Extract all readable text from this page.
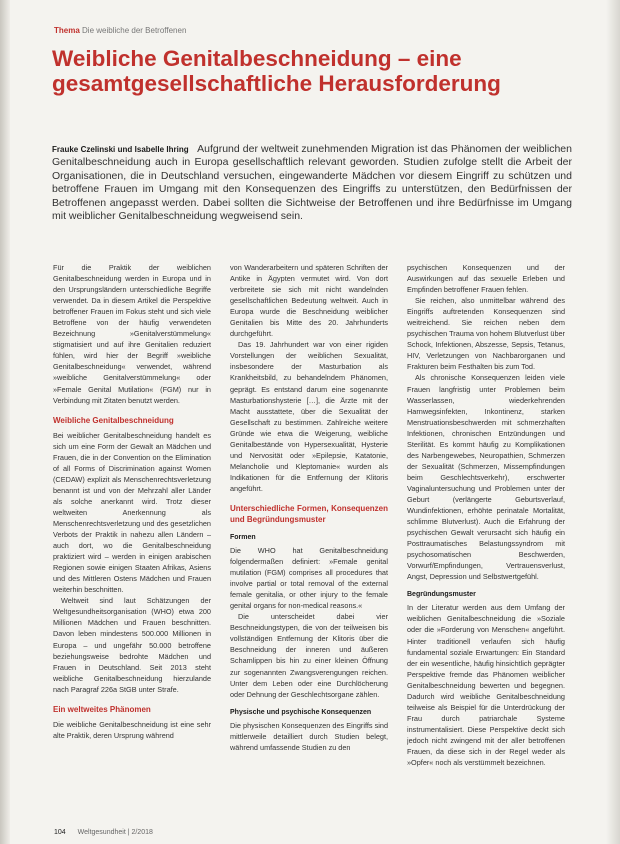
Thema Die weibliche der Betroffenen
Weibliche Genitalbeschneidung – eine gesamtgesellschaftliche Herausforderung
Frauke Czelinski und Isabelle Ihring Aufgrund der weltweit zunehmenden Migration ist das Phänomen der weiblichen Genitalbeschneidung auch in Europa gesellschaftlich relevant geworden. Studien zufolge stellt die Arbeit der Organisationen, die in Deutschland versuchen, eingewanderte Mädchen vor diesem Eingriff zu schützen und betroffene Frauen im Umgang mit den Konsequenzen des Eingriffs zu unterstützen, den Bedürfnissen der Betroffenen angepasst werden. Dabei sollten die Sichtweise der Betroffenen und ihre Bedürfnisse im Umgang mit weiblicher Genitalbeschneidung wegweisend sein.

Für die Praktik der weiblichen Genitalbeschneidung werden in Europa und in den Ursprungsländern unterschiedliche Begriffe verwendet. Da in diesem Artikel die Perspektive betroffener Frauen im Fokus steht und sich viele Betroffene von der häufig verwendeten Bezeichnung »Genitalverstümmelung« stigmatisiert und auf ihre Genitalien reduziert fühlen, wird hier der Begriff »weibliche Genitalbeschneidung« verwendet, während »weibliche Genitalverstümmelung« oder »Female Genital Mutilation« (FGM) nur in Verbindung mit Zitaten benutzt werden.

Weibliche Genitalbeschneidung

Bei weiblicher Genitalbeschneidung handelt es sich um eine Form der Gewalt an Mädchen und Frauen, die in der Convention on the Elimination of all Forms of Discrimination against Women (CEDAW) explizit als Menschenrechtsverletzung benannt ist und von der Mehrzahl aller Länder als solche anerkannt wird. Trotz dieser weltweiten Anerkennung als Menschenrechtsverletzung und des gesetzlichen Verbots der Praktik in nahezu allen Ländern – auch dort, wo die Genitalbeschneidung praktiziert wird – werden in einigen arabischen Regionen sowie einigen Staaten Afrikas, Asiens und des Mittleren Ostens Mädchen und Frauen weiterhin beschnitten.

Weltweit sind laut Schätzungen der Weltgesundheitsorganisation (WHO) etwa 200 Millionen Mädchen und Frauen beschnitten. Davon leben mindestens 500.000 Millionen in Europa – und ungefähr 50.000 betroffene beziehungsweise bedrohte Mädchen und Frauen in Deutschland. Seit 2013 steht weibliche Genitalbeschneidung hierzulande nach Paragraf 226a StGB unter Strafe.

Ein weltweites Phänomen

Die weibliche Genitalbeschneidung ist eine sehr alte Praktik, deren Ursprung während

von Wanderarbeitern und späteren Schriften der Antike in Ägypten vermutet wird. Von dort verbreitete sie sich mit nicht wandelnden gesellschaftlichen Bedeutung weltweit. Auch in Europa wurde die Beschneidung weiblicher Genitalien bis Mitte des 20. Jahrhunderts durchgeführt.

Das 19. Jahrhundert war von einer rigiden Vorstellungen der weiblichen Sexualität, insbesondere der Masturbation als Krankheitsbild, zu behandelndem Phänomen, geprägt. Es entstand darum eine sogenannte Masturbationshysterie […], die Ärzte mit der Macht ausstattete, über die Sexualität der Gesellschaft zu bestimmen. Zahlreiche weitere Gründe wie etwa die Weigerung, weibliche Genitalbestände von Hypersexualität, Hysterie und Nervosität oder »Epilepsie, Katatonie, Melancholie und Kleptomanie« wurden als Indikationen für die Entfernung der Klitoris angeführt.

Unterschiedliche Formen, Konsequenzen und Begründungsmuster
Formen

Die WHO hat Genitalbeschneidung folgendermaßen definiert: »Female genital mutilation (FGM) comprises all procedures that involve partial or total removal of the external female genitalia, or other injury to the female genital organs for non-medical reasons.«

Die unterscheidet dabei vier Beschneidungstypen, die von der teilweisen bis vollständigen Entfernung der Klitoris über die Beschneidung der inneren und äußeren Schamlippen bis hin zu einer kleinen Öffnung zur sogenannten Zwangsverengungen reichen. Unter dem Leben oder eine Durchlöcherung oder Dehnung der Geschlechtsorgane zählen.

Physische und psychische Konsequenzen

Die physischen Konsequenzen des Eingriffs sind mittlerweile detailliert durch Studien belegt, während umfassende Studien zu den

psychischen Konsequenzen und der Auswirkungen auf das sexuelle Erleben und Empfinden betroffener Frauen fehlen.

Sie reichen, also unmittelbar während des Eingriffs auftretenden Konsequenzen sind weitreichend. Sie reichen neben dem psychischen Trauma von hohem Blutverlust über Schock, Infektionen, Abszesse, Sepsis, Tetanus, HIV, Verletzungen von Nachbarorganen und Frakturen beim Festhalten bis zum Tod.

Als chronische Konsequenzen leiden viele Frauen langfristig unter Problemen beim Wasserlassen, wiederkehrenden Harnwegsinfekten, Inkontinenz, starken Menstruationsbeschwerden mit schmerzhaften Infektionen, chronischen Entzündungen und Sterilität. Es kommt häufig zu Komplikationen des Narbengewebes, Neuropathien, Schmerzen der Sexualität (Schmerzen, Missempfindungen beim Geschlechtsverkehr), erschwerter Vaginaluntersuchung und Problemen unter der Geburt (verlängerte Geburtsverlauf, Wundinfektionen, erhöhte perinatale Mortalität, schlimme Blutverlust). Auch die Erfahrung der psychischen Gewalt verursacht sich häufig ein Posttraumatisches Belastungssyndrom mit psychosomatischen Beschwerden, Vorwurf/Empfindungen, Vertrauensverlust, Angst, Depression und Selbstwertgefühl.

Begründungsmuster

In der Literatur werden aus dem Umfang der weiblichen Genitalbeschneidung die »Soziale oder die »Forderung von Menschen« angeführt. Hinter traditionell verlaufen sich häufig fundamental soziale Erwartungen: Ein Standard der ein wesentliche, häufig hinsichtlich geprägter Perspektive fremde das Phänomen weiblicher Genitalbeschneidung bewerten und begegnen. Dadurch wird weibliche Genitalbeschneidung teilweise als Beispiel für die Unterdrückung der Frau durch patriarchale Systeme instrumentalisiert. Diese Perspektive deckt sich jedoch nicht zwingend mit der aller betroffenen Frauen, da diese sich in der Regel weder als »Opfer« noch als verstümmelt bezeichnen.

104 Weltgesundheit | 2/2018
